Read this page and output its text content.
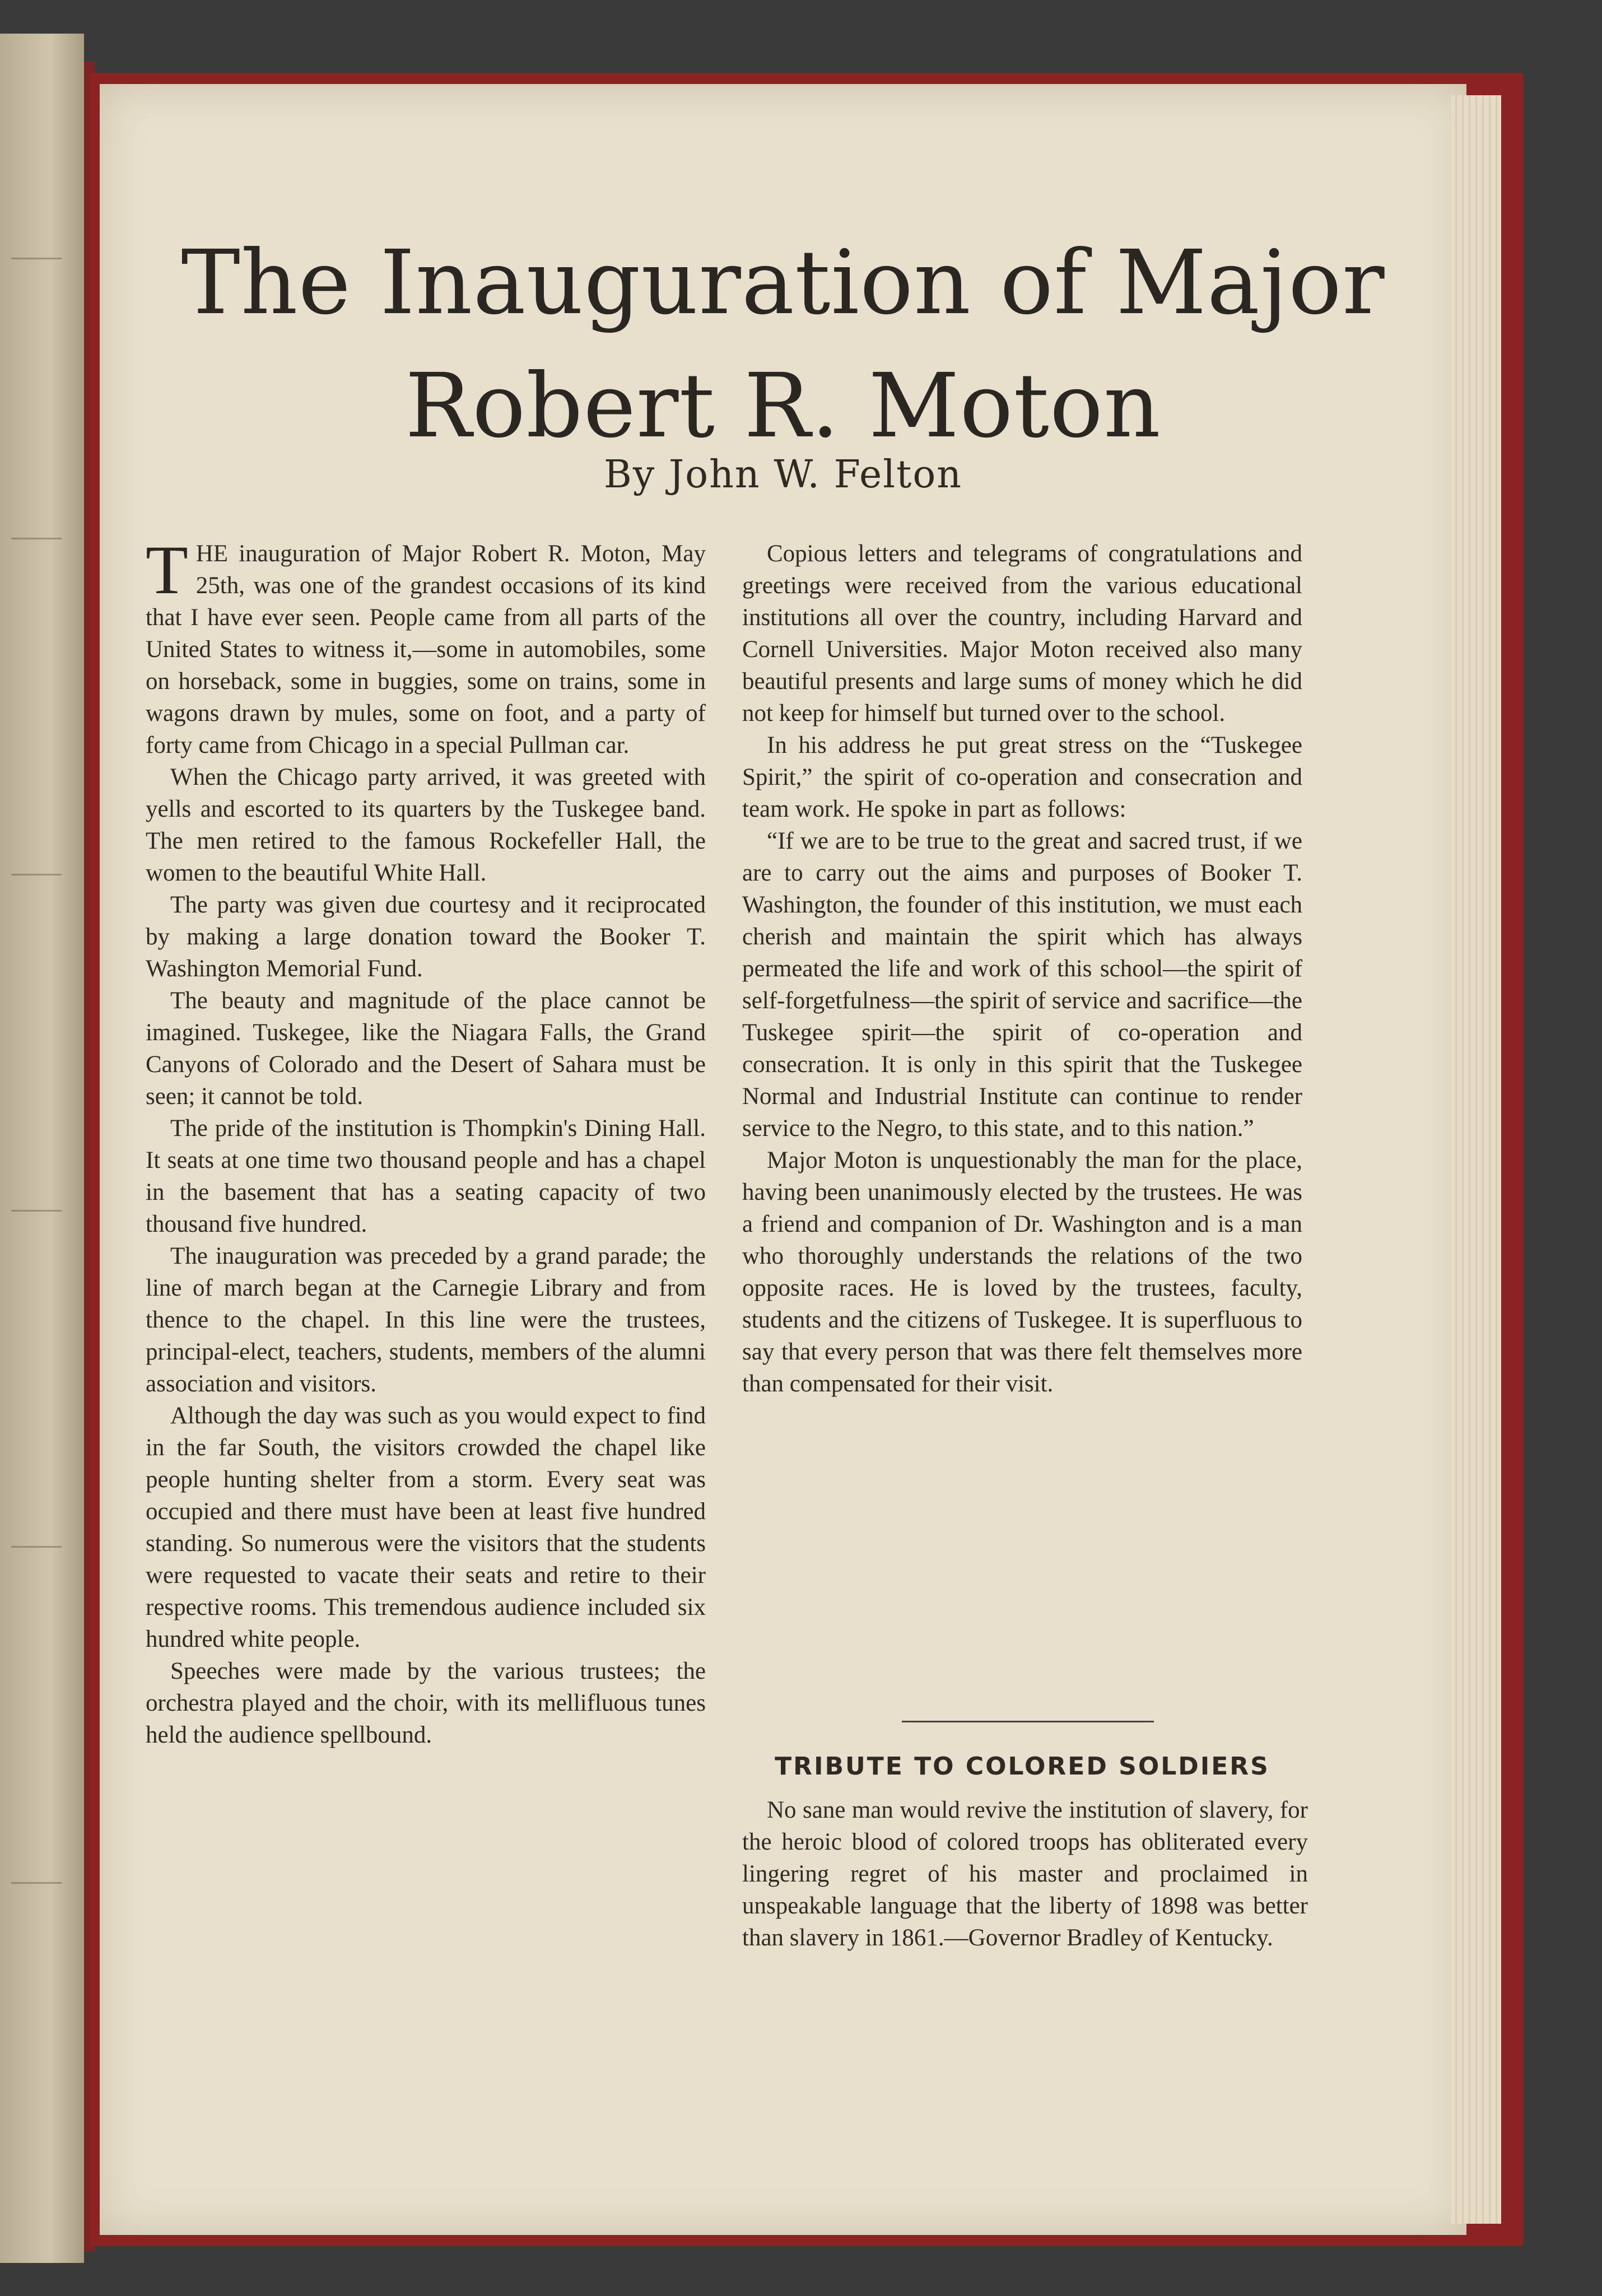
The Inauguration of Major
Robert R. Moton
By John W. Felton

THE inauguration of Major Robert R. Moton, May 25th, was one of the grandest occasions of its kind that I have ever seen. People came from all parts of the United States to witness it,—some in automobiles, some on horseback, some in buggies, some on trains, some in wagons drawn by mules, some on foot, and a party of forty came from Chicago in a special Pullman car.

When the Chicago party arrived, it was greeted with yells and escorted to its quarters by the Tuskegee band. The men retired to the famous Rockefeller Hall, the women to the beautiful White Hall.

The party was given due courtesy and it reciprocated by making a large donation toward the Booker T. Washington Memorial Fund.

The beauty and magnitude of the place cannot be imagined. Tuskegee, like the Niagara Falls, the Grand Canyons of Colorado and the Desert of Sahara must be seen; it cannot be told.

The pride of the institution is Thompkin's Dining Hall. It seats at one time two thousand people and has a chapel in the basement that has a seating capacity of two thousand five hundred.

The inauguration was preceded by a grand parade; the line of march began at the Carnegie Library and from thence to the chapel. In this line were the trustees, principal-elect, teachers, students, members of the alumni association and visitors.

Although the day was such as you would expect to find in the far South, the visitors crowded the chapel like people hunting shelter from a storm. Every seat was occupied and there must have been at least five hundred standing. So numerous were the visitors that the students were requested to vacate their seats and retire to their respective rooms. This tremendous audience included six hundred white people.

Speeches were made by the various trustees; the orchestra played and the choir, with its mellifluous tunes held the audience spellbound.

Copious letters and telegrams of congratulations and greetings were received from the various educational institutions all over the country, including Harvard and Cornell Universities. Major Moton received also many beautiful presents and large sums of money which he did not keep for himself but turned over to the school.

In his address he put great stress on the “Tuskegee Spirit,” the spirit of co-operation and consecration and team work. He spoke in part as follows:

“If we are to be true to the great and sacred trust, if we are to carry out the aims and purposes of Booker T. Washington, the founder of this institution, we must each cherish and maintain the spirit which has always permeated the life and work of this school—the spirit of self-forgetfulness—the spirit of service and sacrifice—the Tuskegee spirit—the spirit of co-operation and consecration. It is only in this spirit that the Tuskegee Normal and Industrial Institute can continue to render service to the Negro, to this state, and to this nation.”

Major Moton is unquestionably the man for the place, having been unanimously elected by the trustees. He was a friend and companion of Dr. Washington and is a man who thoroughly understands the relations of the two opposite races. He is loved by the trustees, faculty, students and the citizens of Tuskegee. It is superfluous to say that every person that was there felt themselves more than compensated for their visit.

TRIBUTE TO COLORED SOLDIERS

No sane man would revive the institution of slavery, for the heroic blood of colored troops has obliterated every lingering regret of his master and proclaimed in unspeakable language that the liberty of 1898 was better than slavery in 1861.—Governor Bradley of Kentucky.
